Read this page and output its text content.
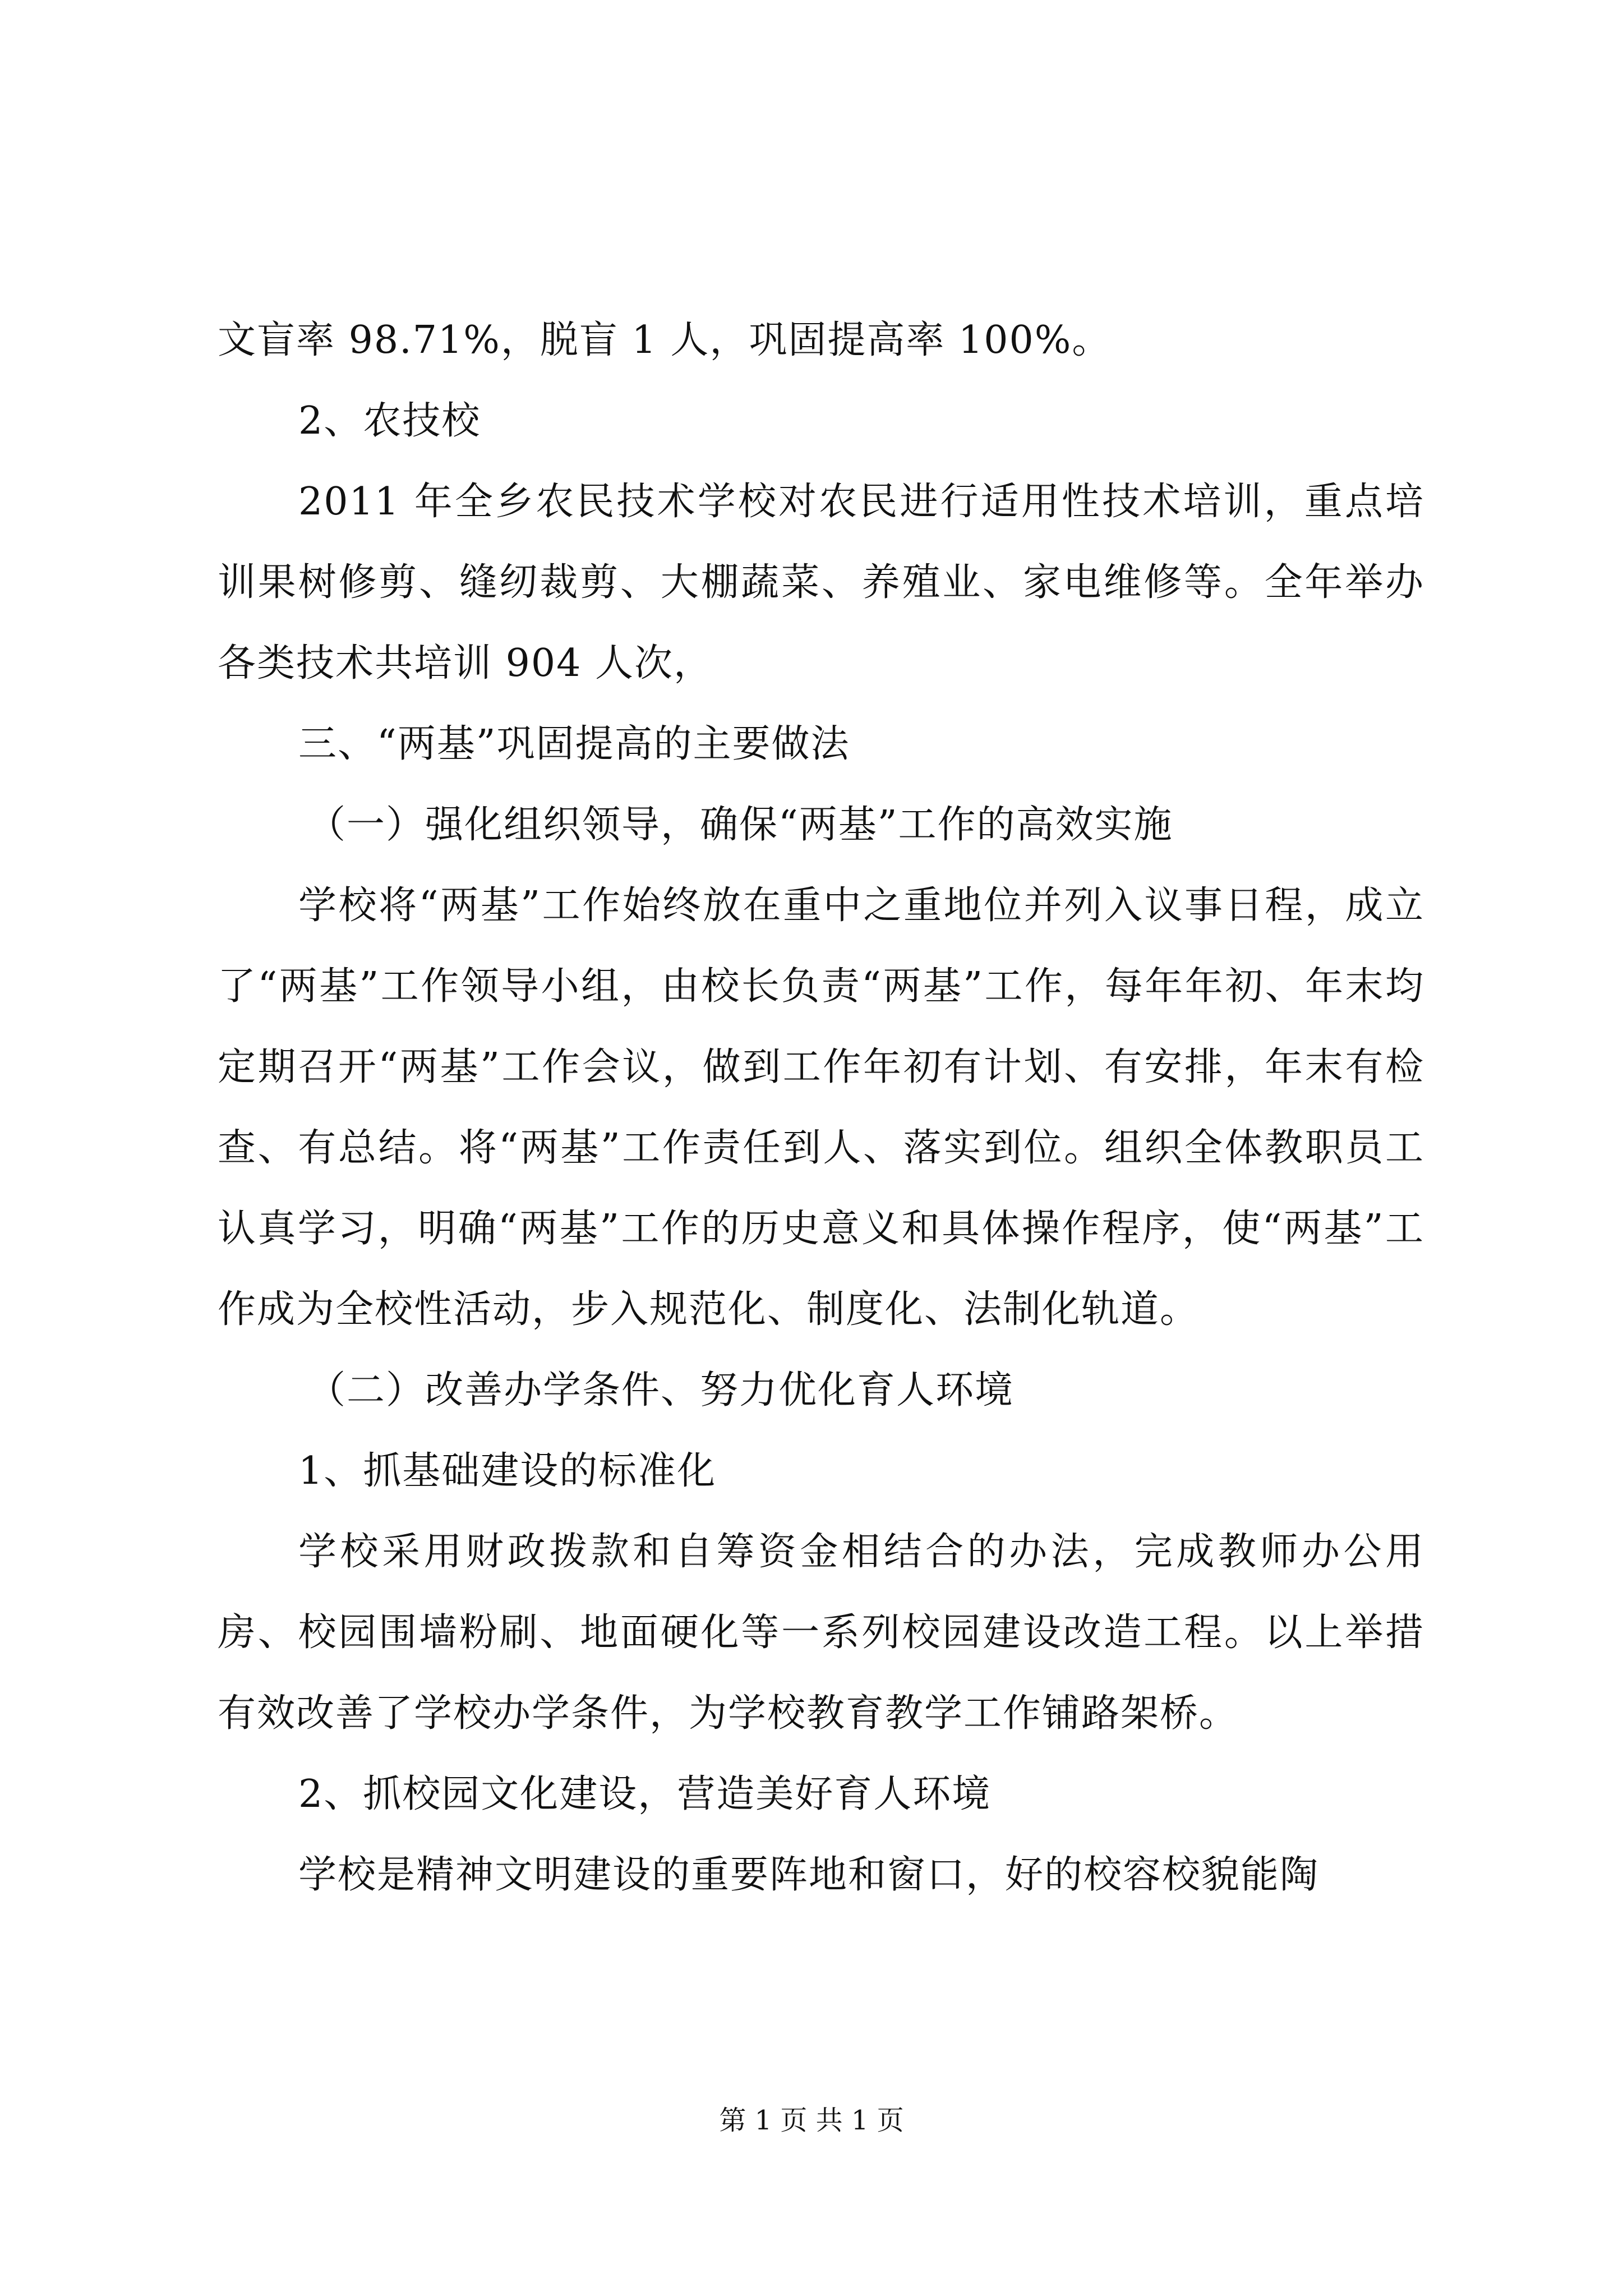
文盲率 98.71%，脱盲 1 人，巩固提高率 100%。

2、农技校

2011 年全乡农民技术学校对农民进行适用性技术培训，重点培训果树修剪、缝纫裁剪、大棚蔬菜、养殖业、家电维修等。全年举办各类技术共培训 904 人次，

三、“两基”巩固提高的主要做法

（一）强化组织领导，确保“两基”工作的高效实施

学校将“两基”工作始终放在重中之重地位并列入议事日程，成立了“两基”工作领导小组，由校长负责“两基”工作，每年年初、年末均定期召开“两基”工作会议，做到工作年初有计划、有安排，年末有检查、有总结。将“两基”工作责任到人、落实到位。组织全体教职员工认真学习，明确“两基”工作的历史意义和具体操作程序，使“两基”工作成为全校性活动，步入规范化、制度化、法制化轨道。

（二）改善办学条件、努力优化育人环境

1、抓基础建设的标准化

学校采用财政拨款和自筹资金相结合的办法，完成教师办公用房、校园围墙粉刷、地面硬化等一系列校园建设改造工程。以上举措有效改善了学校办学条件，为学校教育教学工作铺路架桥。

2、抓校园文化建设，营造美好育人环境

学校是精神文明建设的重要阵地和窗口，好的校容校貌能陶

第 1 页 共 1 页
